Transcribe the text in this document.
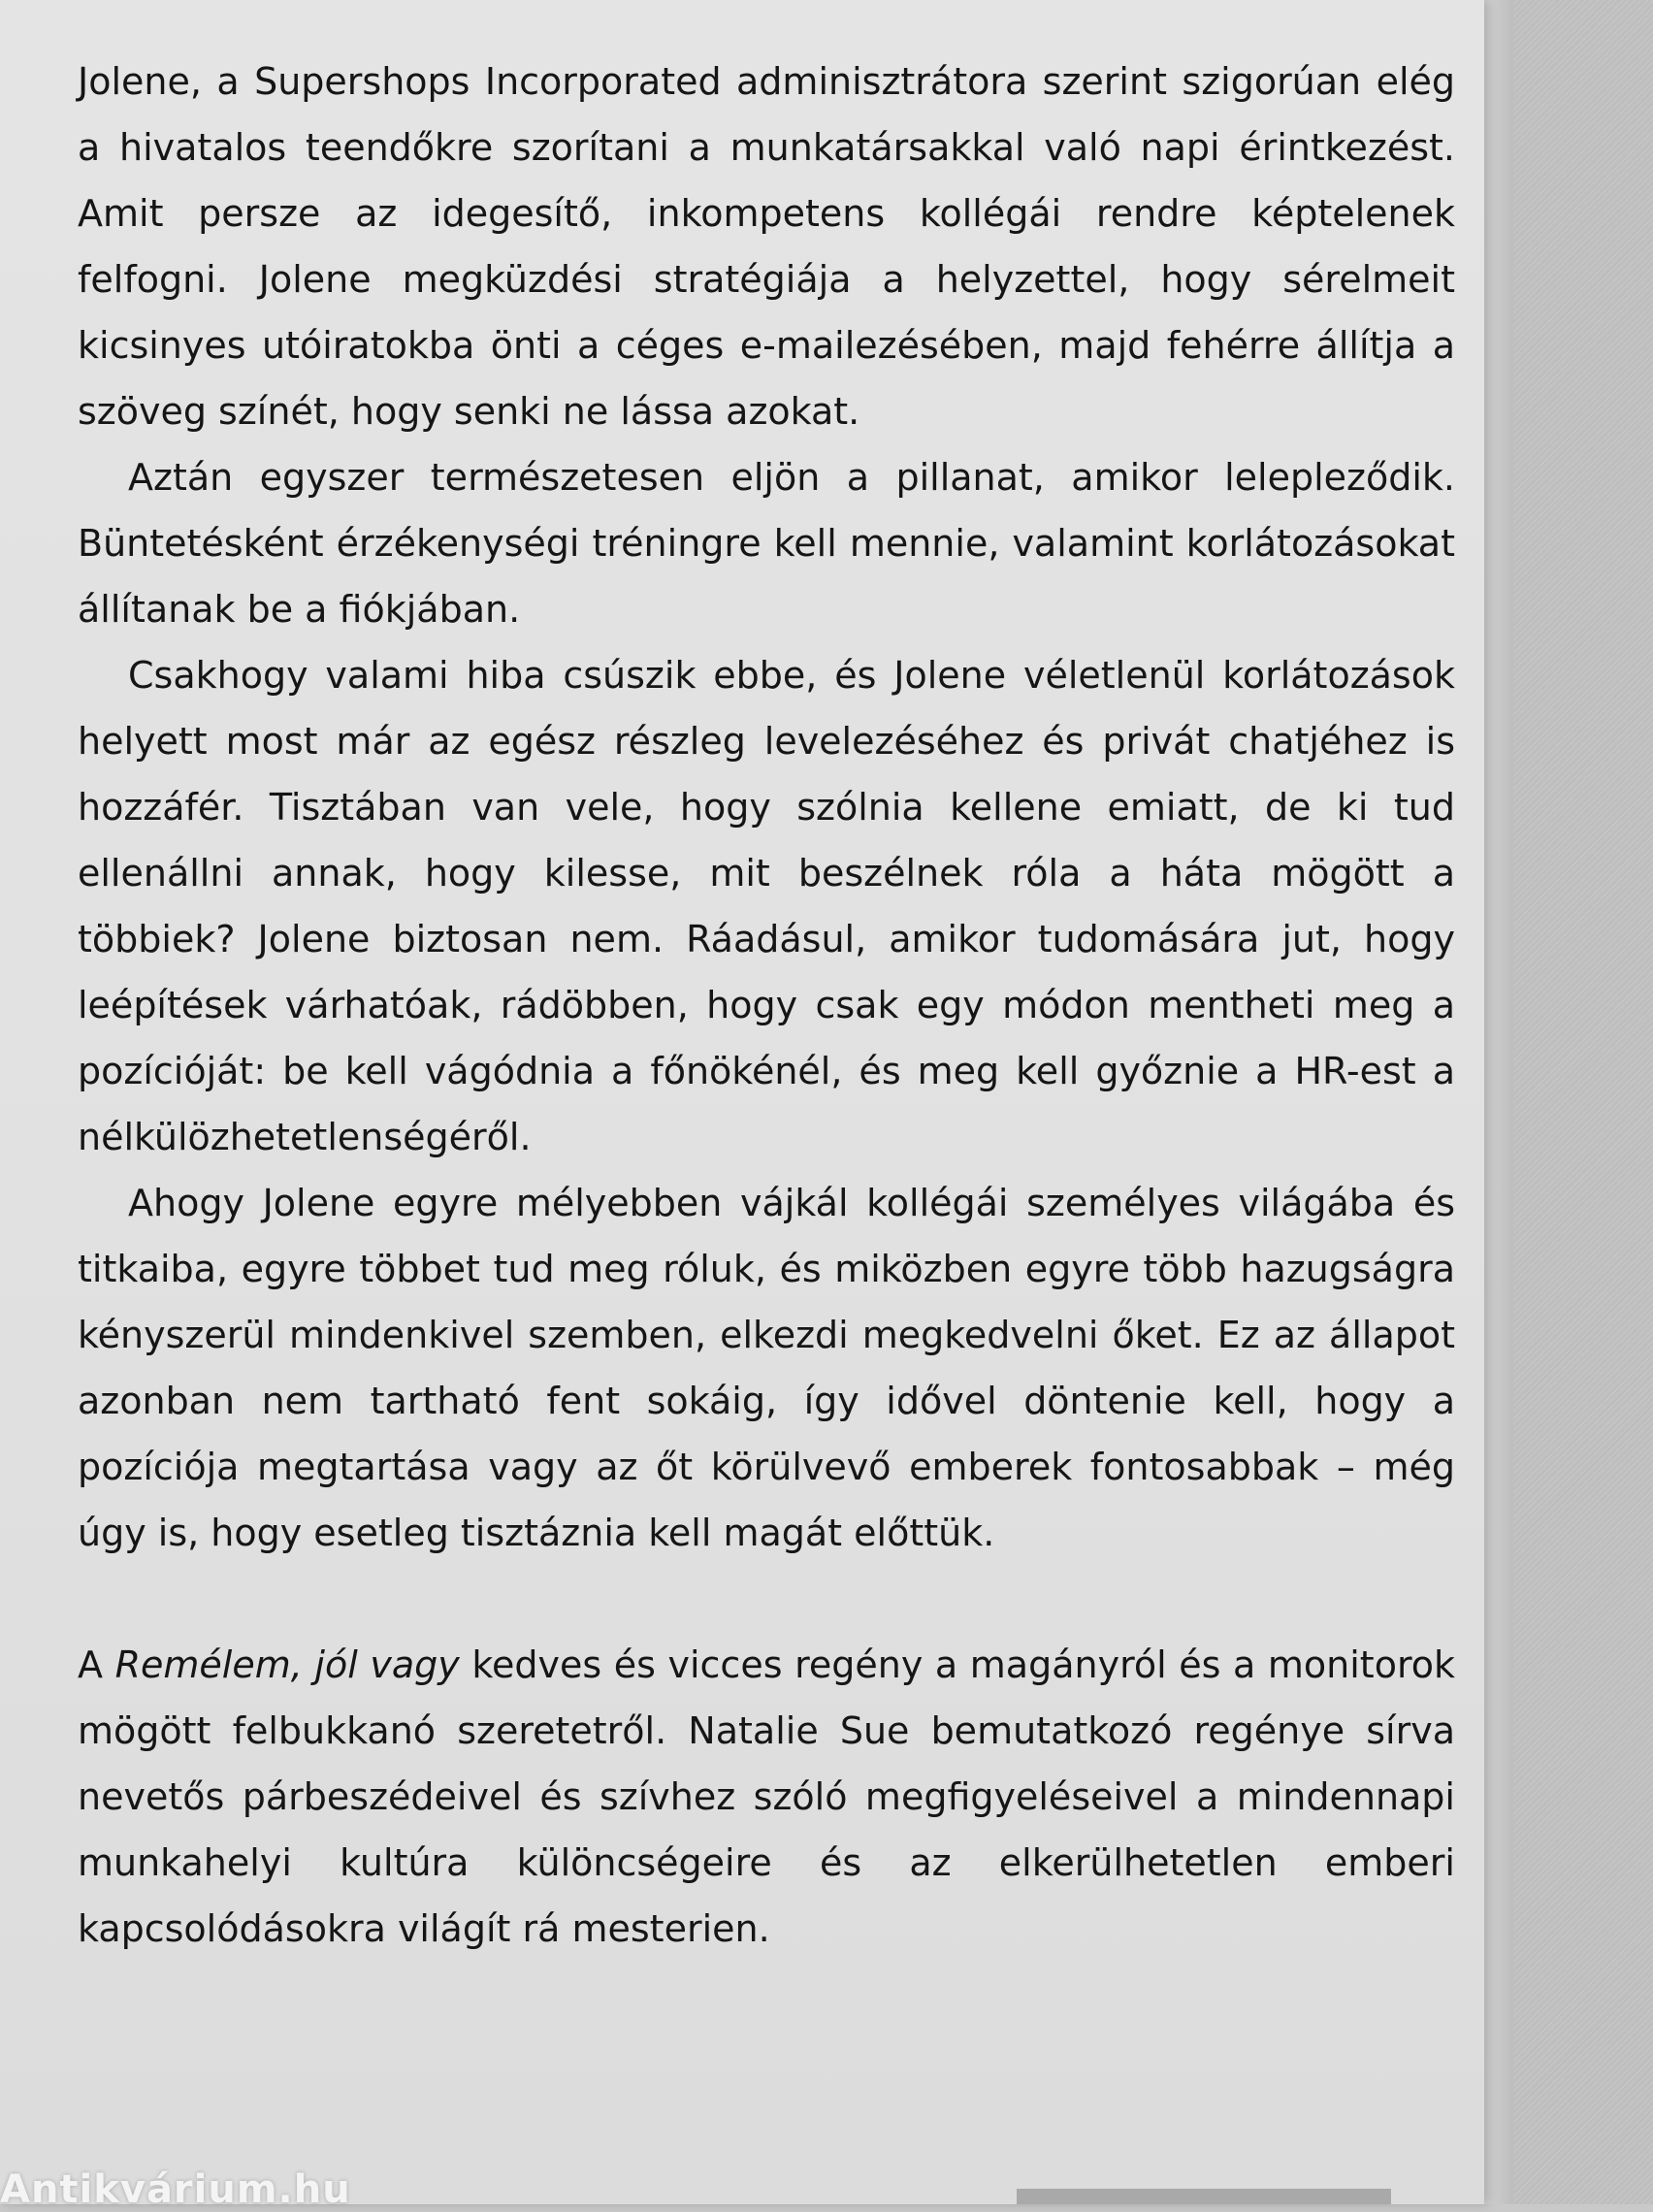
Jolene, a Supershops Incorporated adminisztrátora szerint szigorúan elég a hivatalos teendőkre szorítani a munkatársakkal való napi érintkezést. Amit persze az idegesítő, inkompetens kollégái rendre képtelenek felfogni. Jolene megküzdési stratégiája a helyzettel, hogy sérelmeit kicsinyes utóiratokba önti a céges e-mailezésében, majd fehérre állítja a szöveg színét, hogy senki ne lássa azokat.

Aztán egyszer természetesen eljön a pillanat, amikor lelepleződik. Büntetésként érzékenységi tréningre kell mennie, valamint korlátozásokat állítanak be a fiókjában.

Csakhogy valami hiba csúszik ebbe, és Jolene véletlenül korlátozások helyett most már az egész részleg levelezéséhez és privát chatjéhez is hozzáfér. Tisztában van vele, hogy szólnia kellene emiatt, de ki tud ellenállni annak, hogy kilesse, mit beszélnek róla a háta mögött a többiek? Jolene biztosan nem. Ráadásul, amikor tudomására jut, hogy leépítések várhatóak, rádöbben, hogy csak egy módon mentheti meg a pozícióját: be kell vágódnia a főnökénél, és meg kell győznie a HR-est a nélkülözhetetlenségéről.

Ahogy Jolene egyre mélyebben vájkál kollégái személyes világába és titkaiba, egyre többet tud meg róluk, és miközben egyre több hazugságra kényszerül mindenkivel szemben, elkezdi megkedvelni őket. Ez az állapot azonban nem tartható fent sokáig, így idővel döntenie kell, hogy a pozíciója megtartása vagy az őt körülvevő emberek fontosabbak – még úgy is, hogy esetleg tisztáznia kell magát előttük.

A Remélem, jól vagy kedves és vicces regény a magányról és a monitorok mögött felbukkanó szeretetről. Natalie Sue bemutatkozó regénye sírva nevetős párbeszédeivel és szívhez szóló megfigyeléseivel a mindennapi munkahelyi kultúra különcségeire és az elkerülhetetlen emberi kapcsolódásokra világít rá mesterien.

Antikvárium.hu
